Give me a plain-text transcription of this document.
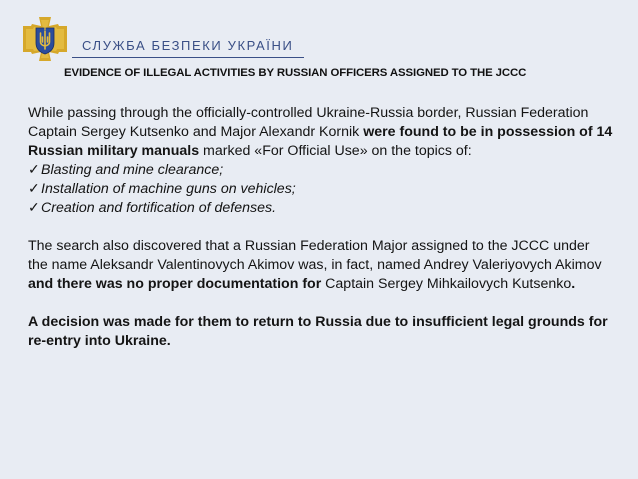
СЛУЖБА БЕЗПЕКИ УКРАЇНИ
EVIDENCE OF ILLEGAL ACTIVITIES BY RUSSIAN OFFICERS ASSIGNED TO THE JCCC

While passing through the officially-controlled Ukraine-Russia border, Russian Federation Captain Sergey Kutsenko and Major Alexandr Kornik were found to be in possession of 14 Russian military manuals marked «For Official Use» on the topics of:

✓Blasting and mine clearance;
✓Installation of machine guns on vehicles;
✓Creation and fortification of defenses.

The search also discovered that a Russian Federation Major assigned to the JCCC under the name Aleksandr Valentinovych Akimov was, in fact, named Andrey Valeriyovych Akimov and there was no proper documentation for Captain Sergey Mihkailovych Kutsenko.

A decision was made for them to return to Russia due to insufficient legal grounds for re-entry into Ukraine.
